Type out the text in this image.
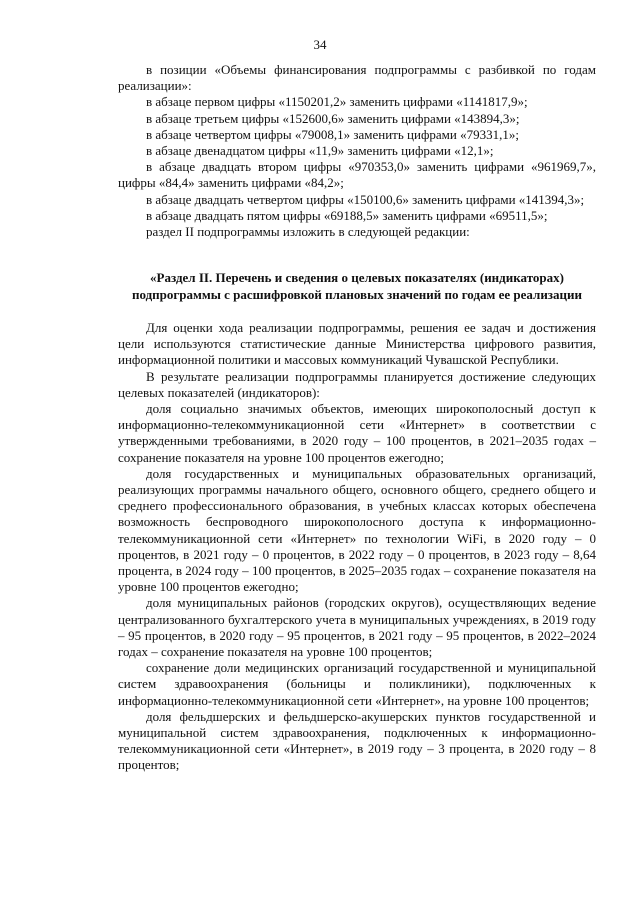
34

в позиции «Объемы финансирования подпрограммы с разбивкой по годам реализации»:

в абзаце первом цифры «1150201,2» заменить цифрами «1141817,9»;

в абзаце третьем цифры «152600,6» заменить цифрами «143894,3»;

в абзаце четвертом цифры «79008,1» заменить цифрами «79331,1»;

в абзаце двенадцатом цифры «11,9» заменить цифрами «12,1»;

в абзаце двадцать втором цифры «970353,0» заменить цифрами «961969,7», цифры «84,4» заменить цифрами «84,2»;

в абзаце двадцать четвертом цифры «150100,6» заменить цифрами «141394,3»;

в абзаце двадцать пятом цифры «69188,5» заменить цифрами «69511,5»;

раздел II подпрограммы изложить в следующей редакции:

«Раздел II. Перечень и сведения о целевых показателях (индикаторах) подпрограммы с расшифровкой плановых значений по годам ее реализации

Для оценки хода реализации подпрограммы, решения ее задач и достижения цели используются статистические данные Министерства цифрового развития, информационной политики и массовых коммуникаций Чувашской Республики.

В результате реализации подпрограммы планируется достижение следующих целевых показателей (индикаторов):

доля социально значимых объектов, имеющих широкополосный доступ к информационно-телекоммуникационной сети «Интернет» в соответствии с утвержденными требованиями, в 2020 году – 100 процентов, в 2021–2035 годах – сохранение показателя на уровне 100 процентов ежегодно;

доля государственных и муниципальных образовательных организаций, реализующих программы начального общего, основного общего, среднего общего и среднего профессионального образования, в учебных классах которых обеспечена возможность беспроводного широкополосного доступа к информационно-телекоммуникационной сети «Интернет» по технологии WiFi, в 2020 году – 0 процентов, в 2021 году – 0 процентов, в 2022 году – 0 процентов, в 2023 году – 8,64 процента, в 2024 году – 100 процентов, в 2025–2035 годах – сохранение показателя на уровне 100 процентов ежегодно;

доля муниципальных районов (городских округов), осуществляющих ведение централизованного бухгалтерского учета в муниципальных учреждениях, в 2019 году – 95 процентов, в 2020 году – 95 процентов, в 2021 году – 95 процентов, в 2022–2024 годах – сохранение показателя на уровне 100 процентов;

сохранение доли медицинских организаций государственной и муниципальной систем здравоохранения (больницы и поликлиники), подключенных к информационно-телекоммуникационной сети «Интернет», на уровне 100 процентов;

доля фельдшерских и фельдшерско-акушерских пунктов государственной и муниципальной систем здравоохранения, подключенных к информационно-телекоммуникационной сети «Интернет», в 2019 году – 3 процента, в 2020 году – 8 процентов;
